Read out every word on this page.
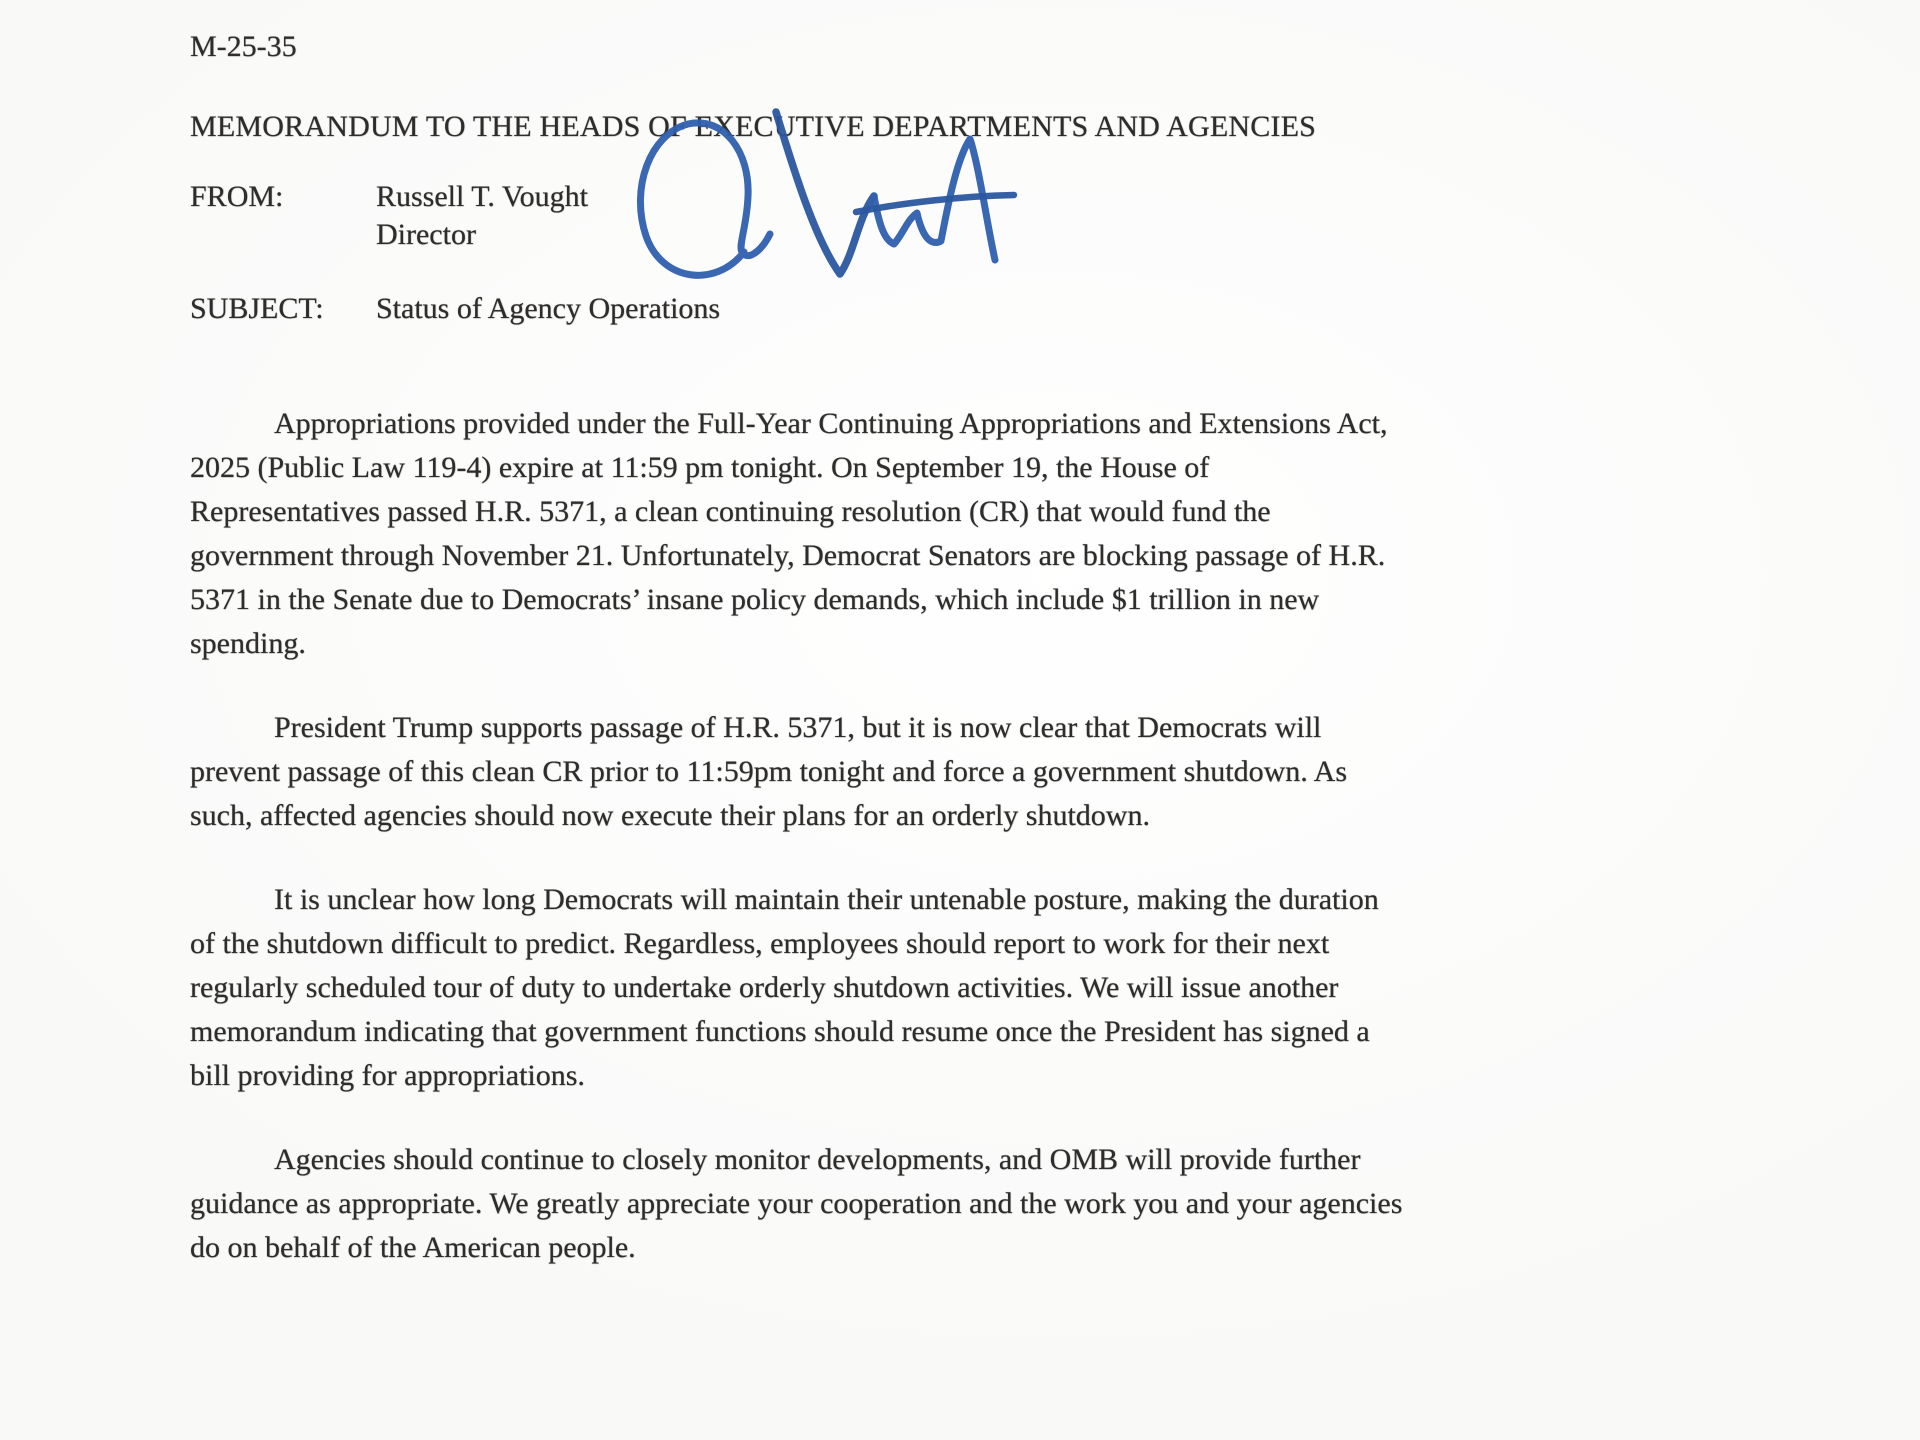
M-25-35
MEMORANDUM TO THE HEADS OF EXECUTIVE DEPARTMENTS AND AGENCIES
FROM:	Russell T. Vought
Director
SUBJECT:	Status of Agency Operations

Appropriations provided under the Full-Year Continuing Appropriations and Extensions Act, 2025 (Public Law 119-4) expire at 11:59 pm tonight. On September 19, the House of Representatives passed H.R. 5371, a clean continuing resolution (CR) that would fund the government through November 21. Unfortunately, Democrat Senators are blocking passage of H.R. 5371 in the Senate due to Democrats’ insane policy demands, which include $1 trillion in new spending.

President Trump supports passage of H.R. 5371, but it is now clear that Democrats will prevent passage of this clean CR prior to 11:59pm tonight and force a government shutdown. As such, affected agencies should now execute their plans for an orderly shutdown.

It is unclear how long Democrats will maintain their untenable posture, making the duration of the shutdown difficult to predict. Regardless, employees should report to work for their next regularly scheduled tour of duty to undertake orderly shutdown activities. We will issue another memorandum indicating that government functions should resume once the President has signed a bill providing for appropriations.

Agencies should continue to closely monitor developments, and OMB will provide further guidance as appropriate. We greatly appreciate your cooperation and the work you and your agencies do on behalf of the American people.
